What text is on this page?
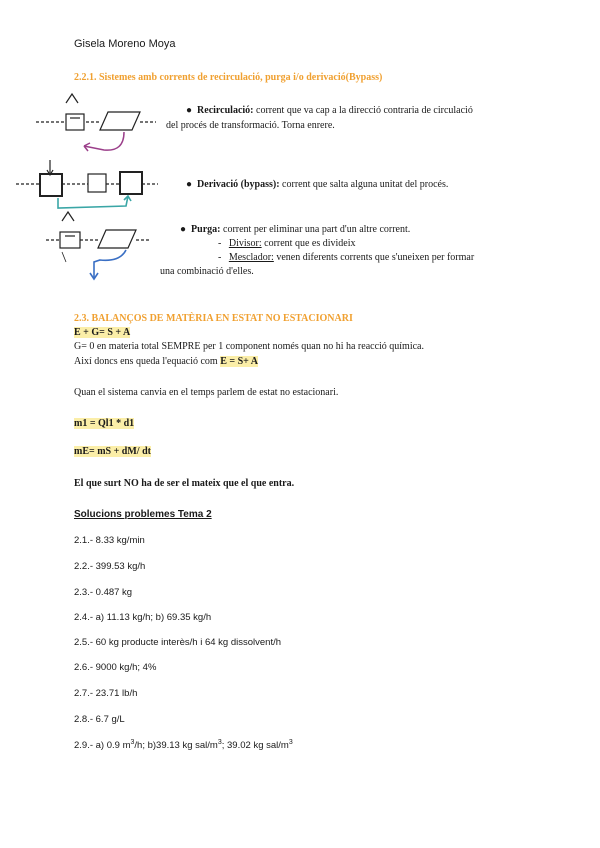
Gisela Moreno Moya
2.2.1. Sistemes amb corrents de recirculació, purga i/o derivació(Bypass)
●  Recirculació: corrent que va cap a la direcció contraria de circulació
del procés de transformació. Torna enrere.
●  Derivació (bypass): corrent que salta alguna unitat del procés.
●  Purga: corrent per eliminar una part d'un altre corrent.
-   Divisor: corrent que es divideix
-   Mesclador: venen diferents corrents que s'uneixen per formar
una combinació d'elles.
2.3. BALANÇOS DE MATÈRIA EN ESTAT NO ESTACIONARI
E + G= S + A
G= 0 en materia total SEMPRE per 1 component només quan no hi ha reacció química.
Així doncs ens queda l'equació com E = S+ A
Quan el sistema canvia en el temps parlem de estat no estacionari.
m1 = Ql1 * d1
mE= mS + dM/ dt
El que surt NO ha de ser el mateix que el que entra.
Solucions problemes Tema 2
2.1.- 8.33 kg/min
2.2.- 399.53 kg/h
2.3.- 0.487 kg
2.4.- a) 11.13 kg/h; b) 69.35 kg/h
2.5.- 60 kg producte interès/h i 64 kg dissolvent/h
2.6.- 9000 kg/h; 4%
2.7.- 23.71 lb/h
2.8.- 6.7 g/L
2.9.- a) 0.9 $m^3/h$; b)39.13 kg sal/$m^3$; 39.02 kg sal/$m^3$
